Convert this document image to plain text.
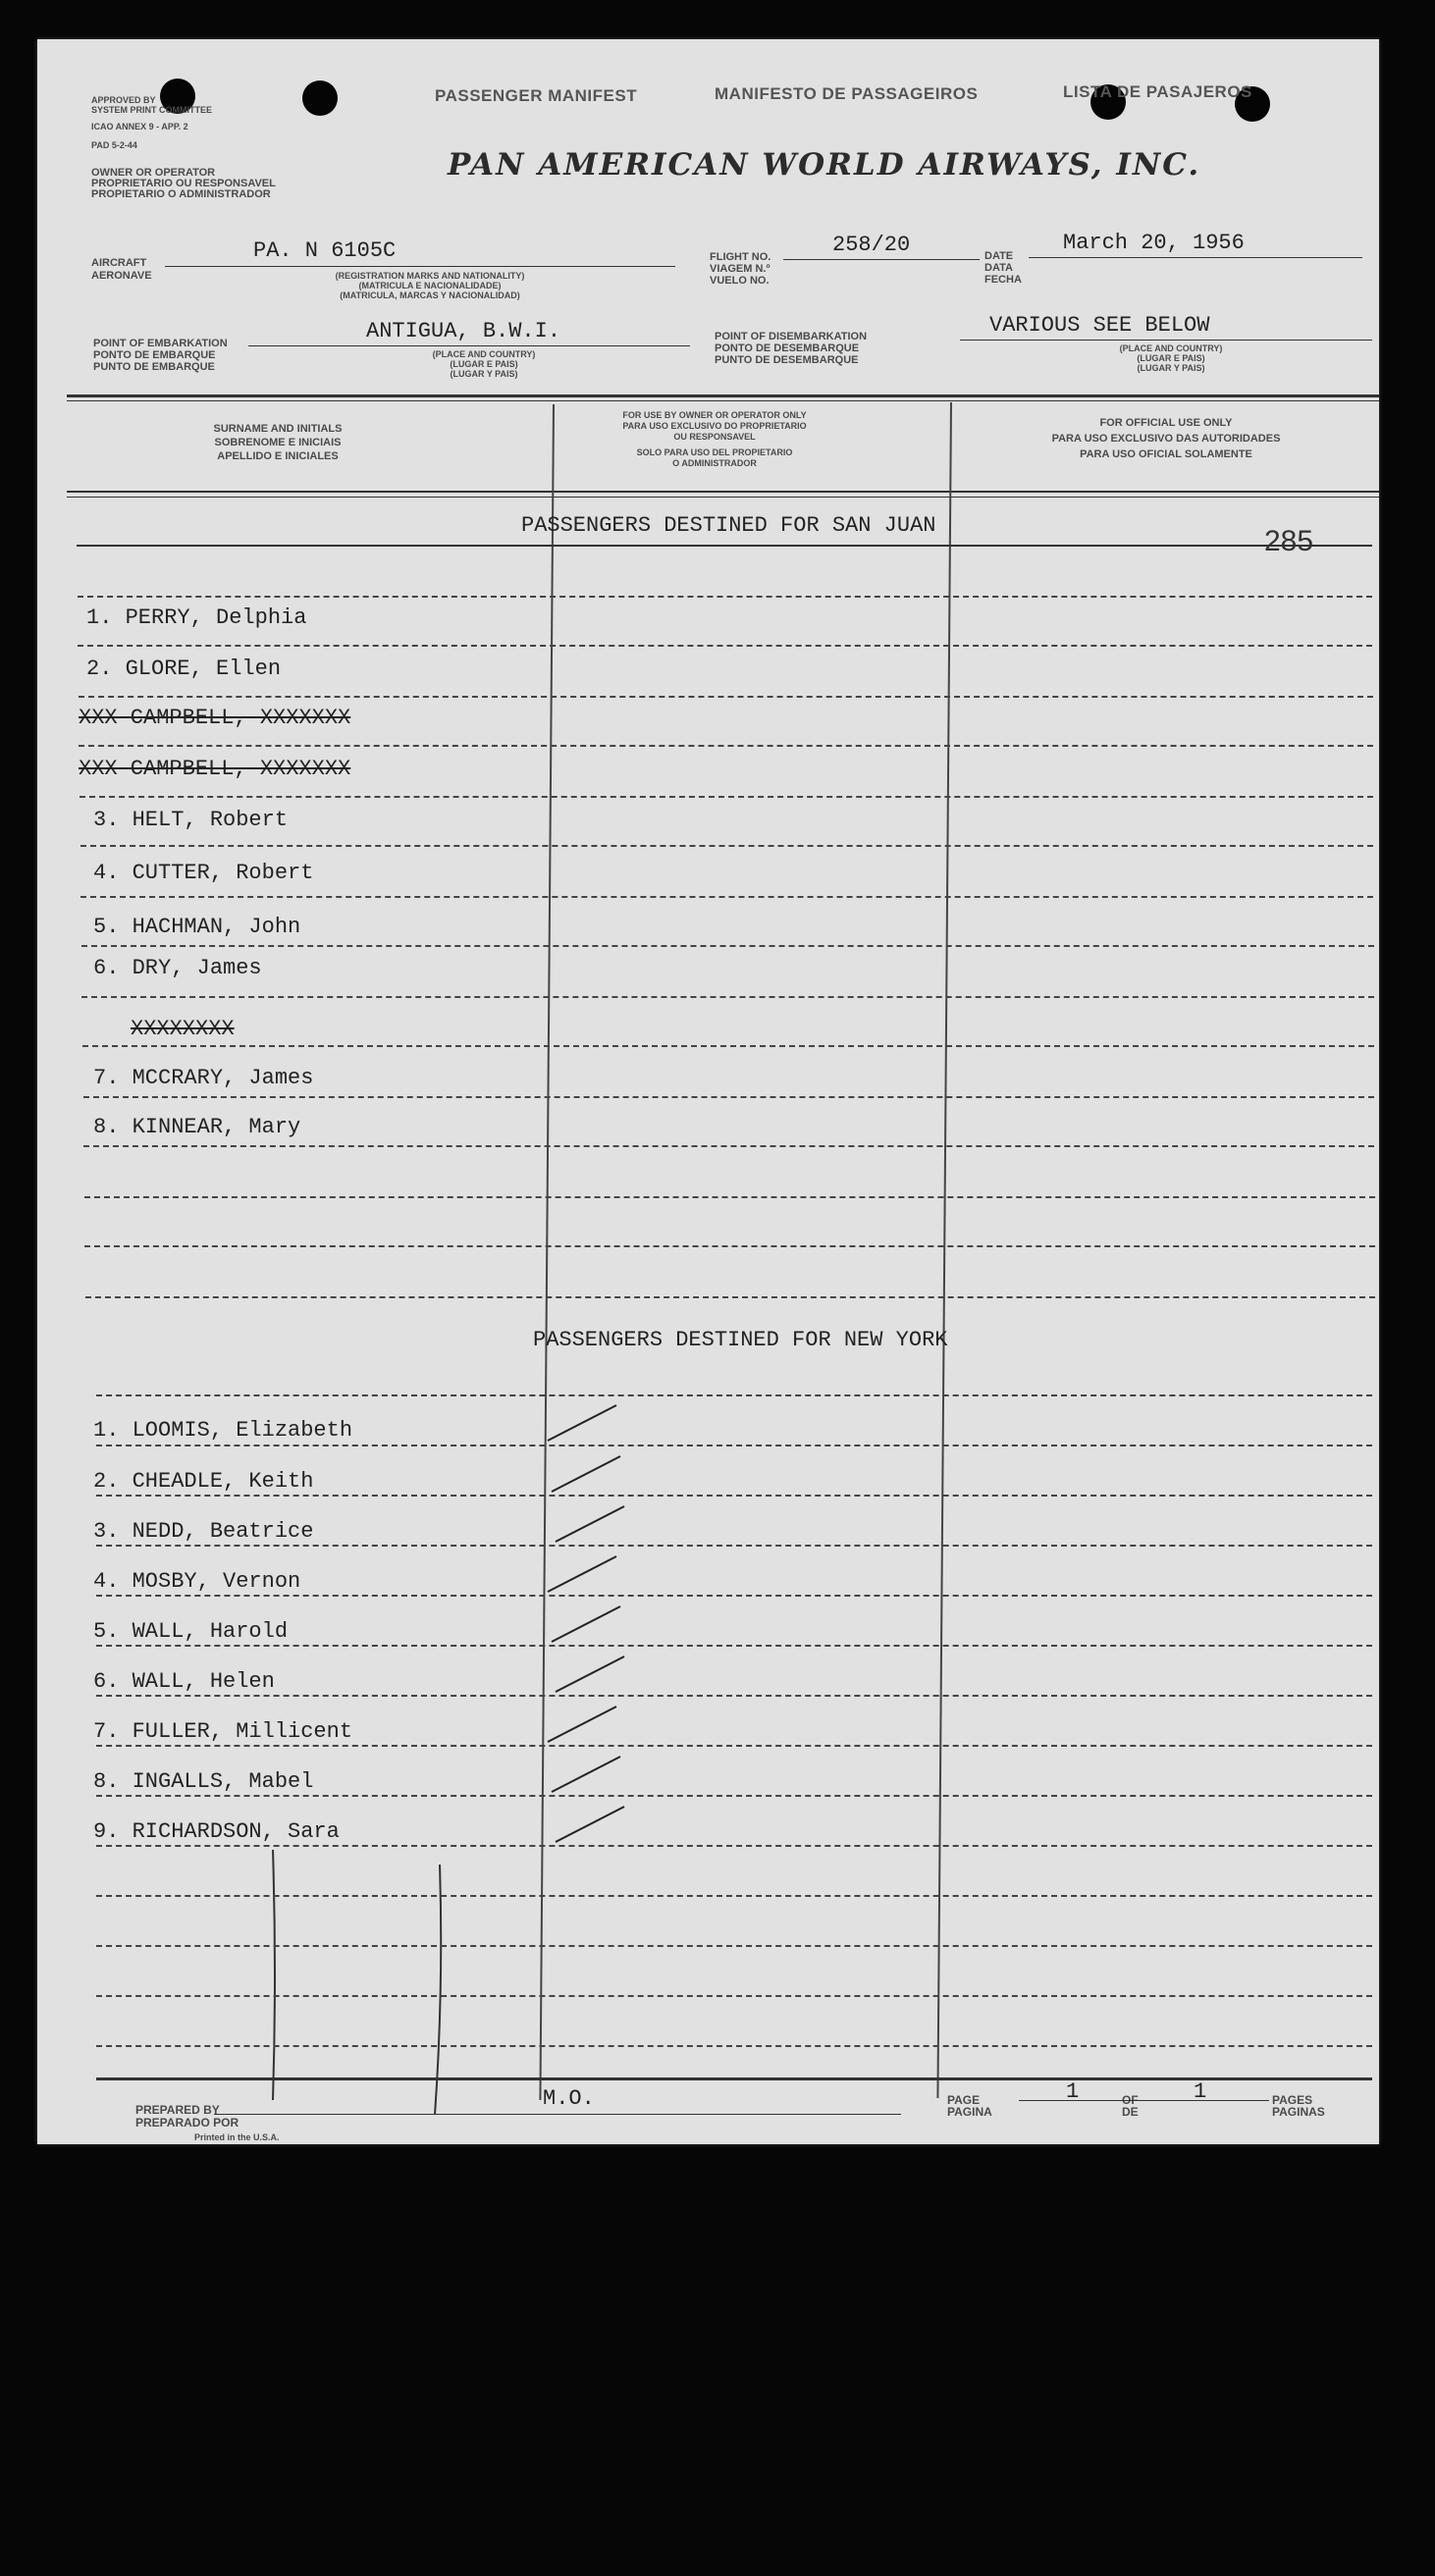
APPROVED BY
SYSTEM PRINT COMMITTEE
ICAO ANNEX 9 - APP. 2
PAD 5-2-44
PASSENGER MANIFEST	MANIFESTO DE PASSAGEIROS	LISTA DE PASAJEROS
OWNER OR OPERATOR
PROPRIETARIO OU RESPONSAVEL
PROPIETARIO O ADMINISTRADOR
PAN AMERICAN WORLD AIRWAYS, INC.
AIRCRAFT
AERONAVE
PA. N 6105C
(REGISTRATION MARKS AND NATIONALITY)
(MATRICULA E NACIONALIDADE)
(MATRICULA, MARCAS Y NACIONALIDAD)
FLIGHT NO.
VIAGEM N.º
VUELO NO.
258/20	DATE
DATA
FECHA
March 20, 1956
POINT OF EMBARKATION
PONTO DE EMBARQUE
PUNTO DE EMBARQUE
ANTIGUA, B.W.I.
(PLACE AND COUNTRY)
(LUGAR E PAIS)
(LUGAR Y PAIS)
POINT OF DISEMBARKATION
PONTO DE DESEMBARQUE
PUNTO DE DESEMBARQUE
VARIOUS SEE BELOW
(PLACE AND COUNTRY)
(LUGAR E PAIS)
(LUGAR Y PAIS)
SURNAME AND INITIALS
SOBRENOME E INICIAIS
APELLIDO E INICIALES
FOR USE BY OWNER OR OPERATOR ONLY
PARA USO EXCLUSIVO DO PROPRIETARIO
OU RESPONSAVEL
SOLO PARA USO DEL PROPIETARIO
O ADMINISTRADOR
FOR OFFICIAL USE ONLY
PARA USO EXCLUSIVO DAS AUTORIDADES
PARA USO OFICIAL SOLAMENTE
PASSENGERS DESTINED FOR SAN JUAN	285
PASSENGERS DESTINED FOR NEW YORK
PREPARED BY
PREPARADO POR
Printed in the U.S.A.
M.O.	PAGE
PAGINA
1	OF
DE
1	PAGES
PAGINAS
1. PERRY, Delphia
2. GLORE, Ellen
XXX CAMPBELL, XXXXXXX
XXX CAMPBELL, XXXXXXX
3. HELT, Robert
4. CUTTER, Robert
5. HACHMAN, John
6. DRY, James
XXXXXXXX
7. MCCRARY, James
8. KINNEAR, Mary
1. LOOMIS, Elizabeth
2. CHEADLE, Keith
3. NEDD, Beatrice
4. MOSBY, Vernon
5. WALL, Harold
6. WALL, Helen
7. FULLER, Millicent
8. INGALLS, Mabel
9. RICHARDSON, Sara
